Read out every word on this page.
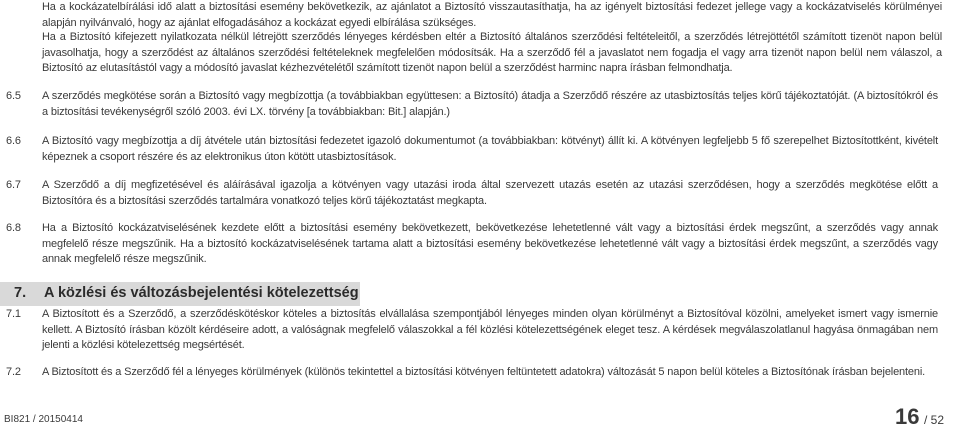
Ha a kockázatelbírálási idő alatt a biztosítási esemény bekövetkezik, az ajánlatot a Biztosító visszautasíthatja, ha az igényelt biztosítási fedezet jellege vagy a kockázatviselés körülményei alapján nyilvánvaló, hogy az ajánlat elfogadásához a kockázat egyedi elbírálása szükséges.
Ha a Biztosító kifejezett nyilatkozata nélkül létrejött szerződés lényeges kérdésben eltér a Biztosító általános szerződési feltételeitől, a szerződés létrejöttétől számított tizenöt napon belül javasolhatja, hogy a szerződést az általános szerződési feltételeknek megfelelően módosítsák. Ha a szerződő fél a javaslatot nem fogadja el vagy arra tizenöt napon belül nem válaszol, a Biztosító az elutasítástól vagy a módosító javaslat kézhezvételétől számított tizenöt napon belül a szerződést harminc napra írásban felmondhatja.
6.5	A szerződés megkötése során a Biztosító vagy megbízottja (a továbbiakban együttesen: a Biztosító) átadja a Szerződő részére az utasbiztosítás teljes körű tájékoztatóját. (A biztosítókról és a biztosítási tevékenységről szóló 2003. évi LX. törvény [a továbbiakban: Bit.] alapján.)
6.6	A Biztosító vagy megbízottja a díj átvétele után biztosítási fedezetet igazoló dokumentumot (a továbbiakban: kötvényt) állít ki. A kötvényen legfeljebb 5 fő szerepelhet Biztosítottként, kivételt képeznek a csoport részére és az elektronikus úton kötött utasbiztosítások.
6.7	A Szerződő a díj megfizetésével és aláírásával igazolja a kötvényen vagy utazási iroda által szervezett utazás esetén az utazási szerződésen, hogy a szerződés megkötése előtt a Biztosítóra és a biztosítási szerződés tartalmára vonatkozó teljes körű tájékoztatást megkapta.
6.8	Ha a Biztosító kockázatviselésének kezdete előtt a biztosítási esemény bekövetkezett, bekövetkezése lehetetlenné vált vagy a biztosítási érdek megszűnt, a szerződés vagy annak megfelelő része megszűnik. Ha a biztosító kockázatviselésének tartama alatt a biztosítási esemény bekövetkezése lehetetlenné vált vagy a biztosítási érdek megszűnt, a szerződés vagy annak megfelelő része megszűnik.
7. A közlési és változásbejelentési kötelezettség
7.1	A Biztosított és a Szerződő, a szerződéskötéskor köteles a biztosítás elvállalása szempontjából lényeges minden olyan körülményt a Biztosítóval közölni, amelyeket ismert vagy ismernie kellett. A Biztosító írásban közölt kérdéseire adott, a valóságnak megfelelő válaszokkal a fél közlési kötelezettségének eleget tesz. A kérdések megválaszolatlanul hagyása önmagában nem jelenti a közlési kötelezettség megsértését.
7.2	A Biztosított és a Szerződő fél a lényeges körülmények (különös tekintettel a biztosítási kötvényen feltüntetett adatokra) változását 5 napon belül köteles a Biztosítónak írásban bejelenteni.
BI821 / 20150414	16 / 52
